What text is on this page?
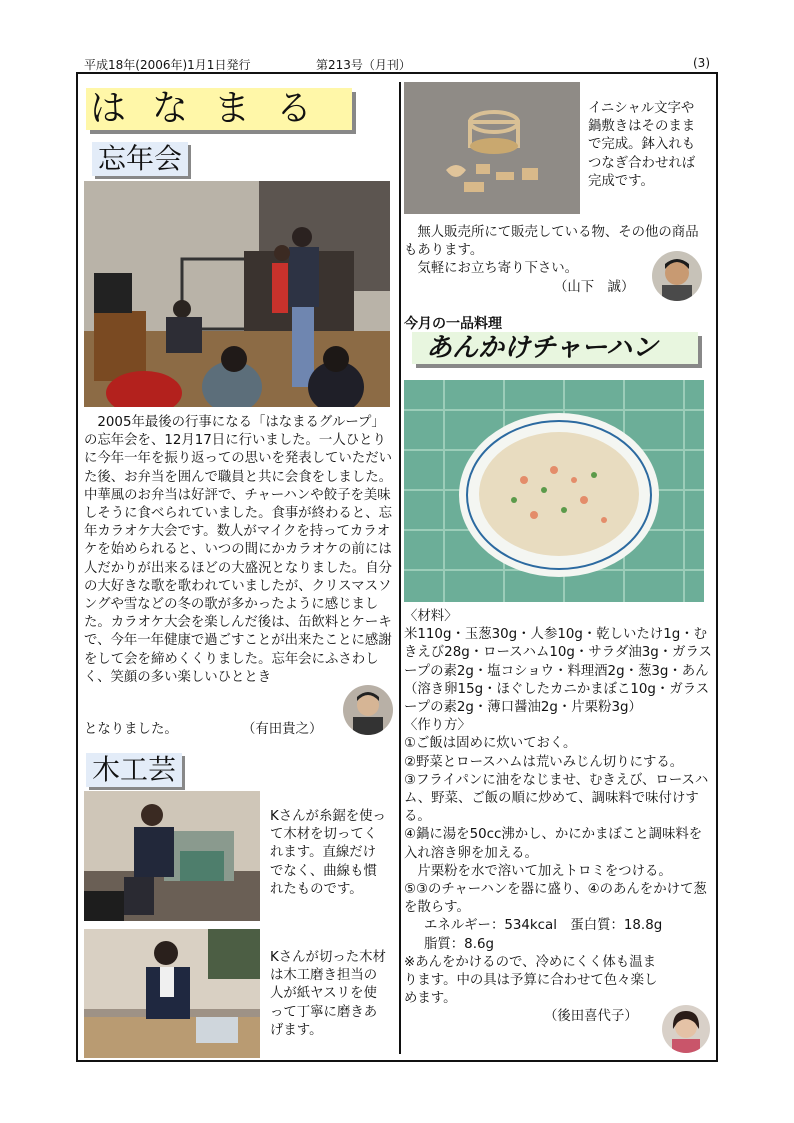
平成18年(2006年)1月1日発行	第213号（月刊）	(3)
はなまる
忘年会
　2005年最後の行事になる「はなまるグループ」の忘年会を、12月17日に行いました。一人ひとりに今年一年を振り返っての思いを発表していただいた後、お弁当を囲んで職員と共に会食をしました。中華風のお弁当は好評で、チャーハンや餃子を美味しそうに食べられていました。食事が終わると、忘年カラオケ大会です。数人がマイクを持ってカラオケを始められると、いつの間にかカラオケの前には人だかりが出来るほどの大盛況となりました。自分の大好きな歌を歌われていましたが、クリスマスソングや雪などの冬の歌が多かったように感じました。カラオケ大会を楽しんだ後は、缶飲料とケーキで、今年一年健康で過ごすことが出来たことに感謝をして会を締めくくりました。忘年会にふさわしく、笑顔の多い楽しいひととき
となりました。	（有田貴之）
木工芸
Kさんが糸鋸を使って木材を切ってくれます。直線だけでなく、曲線も慣れたものです。
Kさんが切った木材は木工磨き担当の人が紙ヤスリを使って丁寧に磨きあげます。
イニシャル文字や鍋敷きはそのままで完成。鉢入れもつなぎ合わせれば完成です。
　無人販売所にて販売している物、その他の商品もあります。
　気軽にお立ち寄り下さい。
（山下　誠）
今月の一品料理
あんかけチャーハン

〈材料〉

米110g・玉葱30g・人参10g・乾しいたけ1g・むきえび28g・ロースハム10g・サラダ油3g・ガラスープの素2g・塩コショウ・料理酒2g・葱3g・あん（溶き卵15g・ほぐしたカニかまぼこ10g・ガラスープの素2g・薄口醤油2g・片栗粉3g）

〈作り方〉

①ご飯は固めに炊いておく。

②野菜とロースハムは荒いみじん切りにする。

③フライパンに油をなじませ、むきえび、ロースハム、野菜、ご飯の順に炒めて、調味料で味付けする。

④鍋に湯を50cc沸かし、かにかまぼこと調味料を入れ溶き卵を加える。

　片栗粉を水で溶いて加えトロミをつける。

⑤③のチャーハンを器に盛り、④のあんをかけて葱を散らす。

エネルギー：534kcal　蛋白質：18.8g

脂質：8.6g

※あんをかけるので、冷めにくく体も温まります。中の具は予算に合わせて色々楽しめます。

（後田喜代子）
